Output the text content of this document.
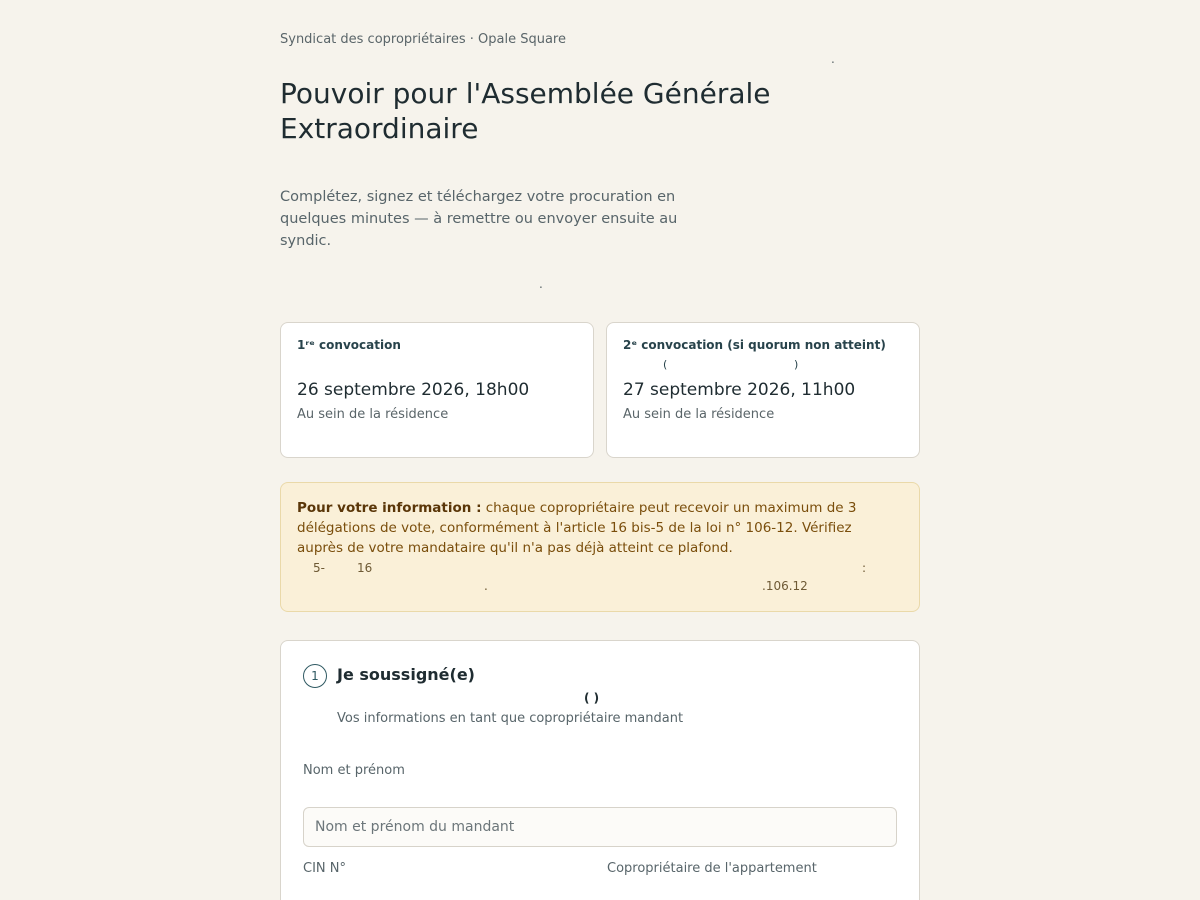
Syndicat des copropriétaires · Opale Square
.
Pouvoir pour l'Assemblée Générale Extraordinaire

Complétez, signez et téléchargez votre procuration en quelques minutes — à remettre ou envoyer ensuite au syndic.

.
1ʳᵉ convocation
26 septembre 2026, 18h00
Au sein de la résidence
2ᵉ convocation (si quorum non atteint)
(	)
27 septembre 2026, 11h00
Au sein de la résidence

Pour votre information : chaque copropriétaire peut recevoir un maximum de 3 délégations de vote, conformément à l'article 16 bis-5 de la loi n° 106-12. Vérifiez auprès de votre mandataire qu'il n'a pas déjà atteint ce plafond.

5-	16	:
.	.106.12
1	Je soussigné(e)
( )

Vos informations en tant que copropriétaire mandant

Nom et prénom
Nom et prénom du mandant
CIN N°	Copropriétaire de l'appartement
